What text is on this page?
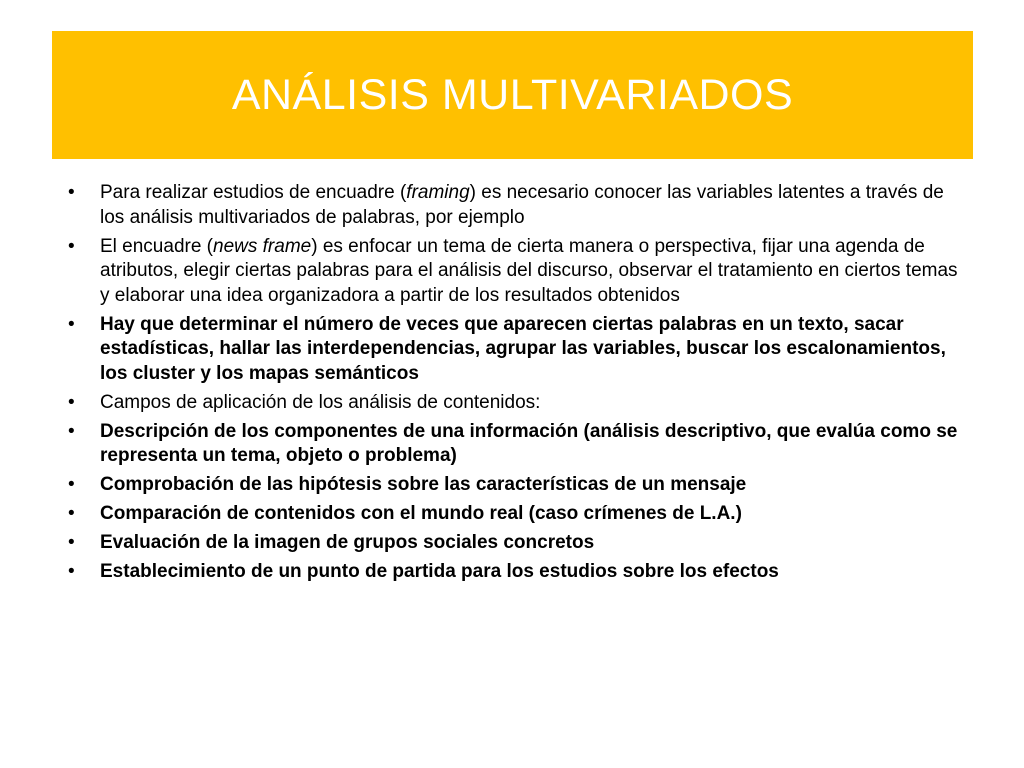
ANÁLISIS MULTIVARIADOS
• Para realizar estudios de encuadre (framing) es necesario conocer las variables latentes a través de los análisis multivariados de palabras, por ejemplo
• El encuadre (news frame) es enfocar un tema de cierta manera o perspectiva, fijar una agenda de atributos, elegir ciertas palabras para el análisis del discurso, observar el tratamiento en ciertos temas y elaborar una idea organizadora a partir de los resultados obtenidos
• Hay que determinar el número de veces que aparecen ciertas palabras en un texto, sacar estadísticas, hallar las interdependencias, agrupar las variables, buscar los escalonamientos, los cluster y los mapas semánticos
• Campos de aplicación de los análisis de contenidos:
• Descripción de los componentes de una información (análisis descriptivo, que evalúa como se representa un tema, objeto o problema)
• Comprobación de las hipótesis sobre las características de un mensaje
• Comparación de contenidos con el mundo real (caso crímenes de L.A.)
• Evaluación de la imagen de grupos sociales concretos
• Establecimiento de un punto de partida para los estudios sobre los efectos
